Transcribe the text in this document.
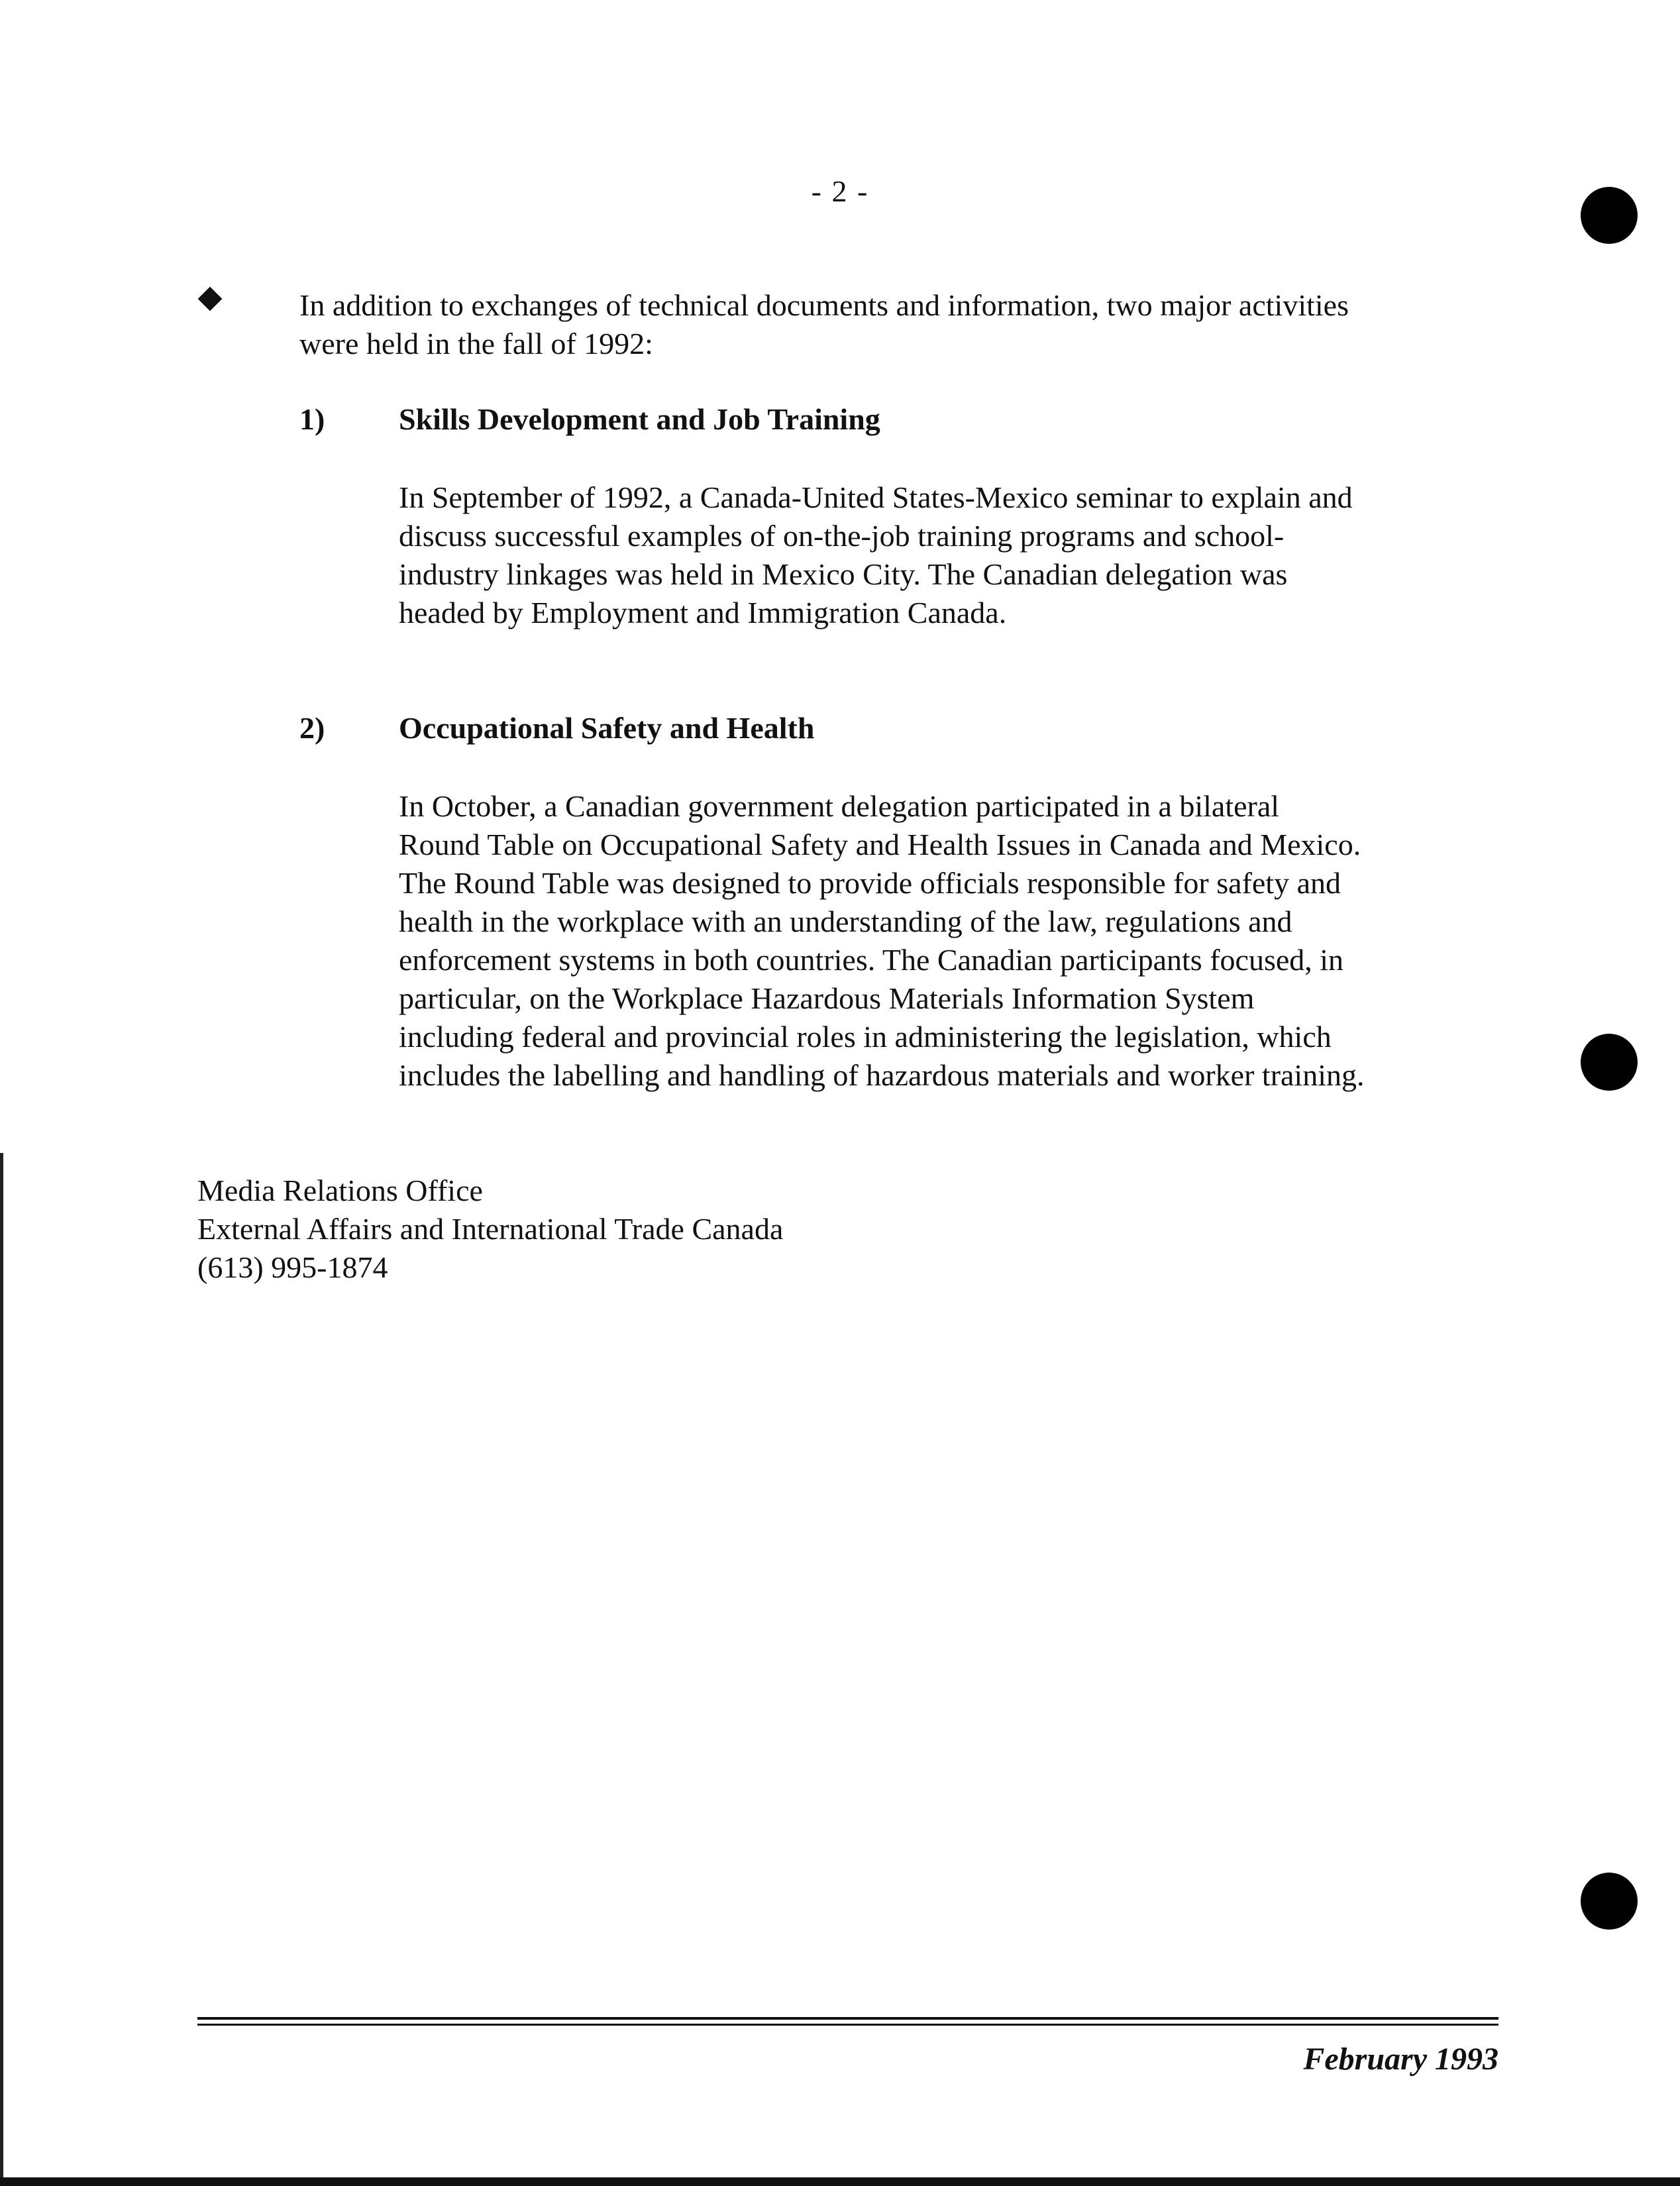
- 2 -

In addition to exchanges of technical documents and information, two major activities
were held in the fall of 1992:

1) Skills Development and Job Training

In September of 1992, a Canada-United States-Mexico seminar to explain and
discuss successful examples of on-the-job training programs and school-
industry linkages was held in Mexico City. The Canadian delegation was
headed by Employment and Immigration Canada.

2) Occupational Safety and Health

In October, a Canadian government delegation participated in a bilateral
Round Table on Occupational Safety and Health Issues in Canada and Mexico.
The Round Table was designed to provide officials responsible for safety and
health in the workplace with an understanding of the law, regulations and
enforcement systems in both countries. The Canadian participants focused, in
particular, on the Workplace Hazardous Materials Information System
including federal and provincial roles in administering the legislation, which
includes the labelling and handling of hazardous materials and worker training.

Media Relations Office
External Affairs and International Trade Canada
(613) 995-1874
February 1993
